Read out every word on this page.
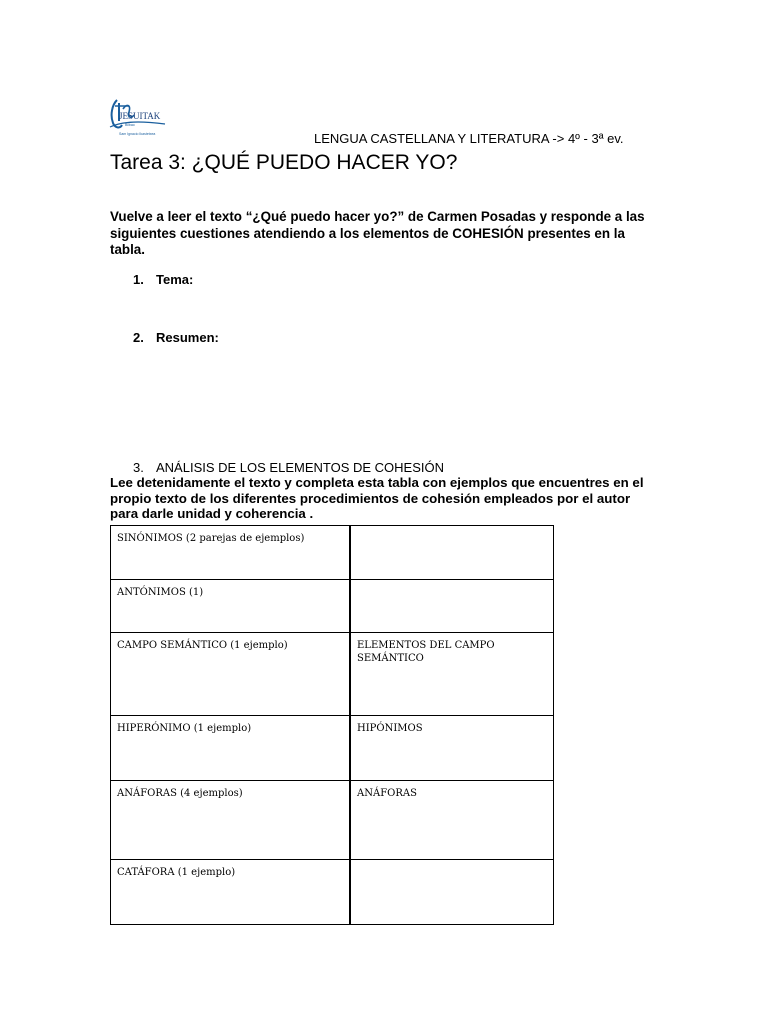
JESUITAK
Bilbao
Sam Ignacio Ikastetxea	LENGUA CASTELLANA Y LITERATURA -> 4º - 3ª ev.
Tarea 3: ¿QUÉ PUEDO HACER YO?
Vuelve a leer el texto “¿Qué puedo hacer yo?” de Carmen Posadas y responde a las siguientes cuestiones atendiendo a los elementos de COHESIÓN presentes en la tabla.
1. Tema:
2. Resumen:
3. ANÁLISIS DE LOS ELEMENTOS DE COHESIÓN
Lee detenidamente el texto y completa esta tabla con ejemplos que encuentres en el propio texto de los diferentes procedimientos de cohesión empleados por el autor para darle unidad y coherencia .
SINÓNIMOS (2 parejas de ejemplos)	
ANTÓNIMOS (1)	
CAMPO SEMÁNTICO (1 ejemplo)	ELEMENTOS DEL CAMPO SEMÁNTICO
HIPERÓNIMO (1 ejemplo)	HIPÓNIMOS
ANÁFORAS (4 ejemplos)	ANÁFORAS
CATÁFORA (1 ejemplo)	
